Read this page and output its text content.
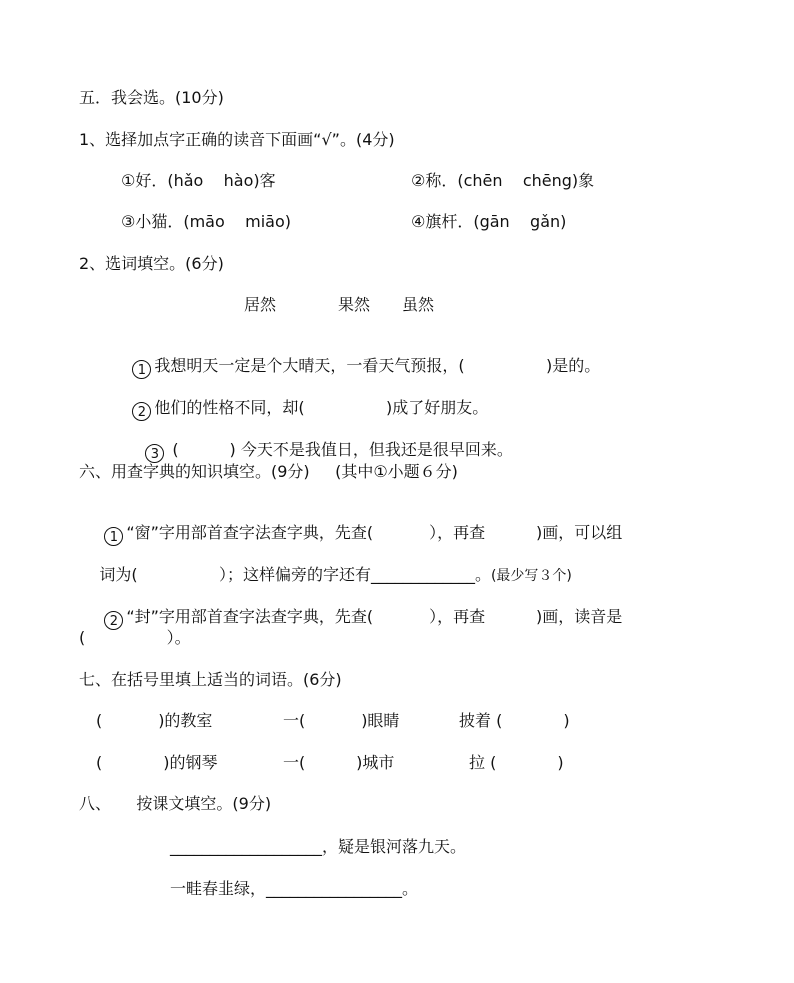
五．我会选。(10分)
1、选择加点字正确的读音下面画“√”。(4分)
①好．(hǎo    hào)客	②称．(chēn    chēng)象
③小猫．(māo    miāo)	④旗杆．(gān    gǎn)
2、选词填空。(6分)
居然	果然 虽然

1 我想明天一定是个大晴天，一看天气预报，(                )是的。

2 他们的性格不同，却(                )成了好朋友。

3 (          ) 今天不是我值日，但我还是很早回来。

六、用查字典的知识填空。(9分)     (其中①小题６分)

1 “窗”字用部首查字法查字典，先查(           ），再查          )画，可以组

词为(                ）；这样偏旁的字还有_____________。(最少写３个)

2 “封”字用部首查字法查字典，先查(           ），再查          )画，读音是

(                ）。
七、在括号里填上适当的词语。(6分)
(           )的教室	一(           )眼睛	披着 (            )
(            )的钢琴	一(          )城市	拉 (            )
八、     按课文填空。(9分)
___________________，疑是银河落九天。
一畦春韭绿，_________________。
